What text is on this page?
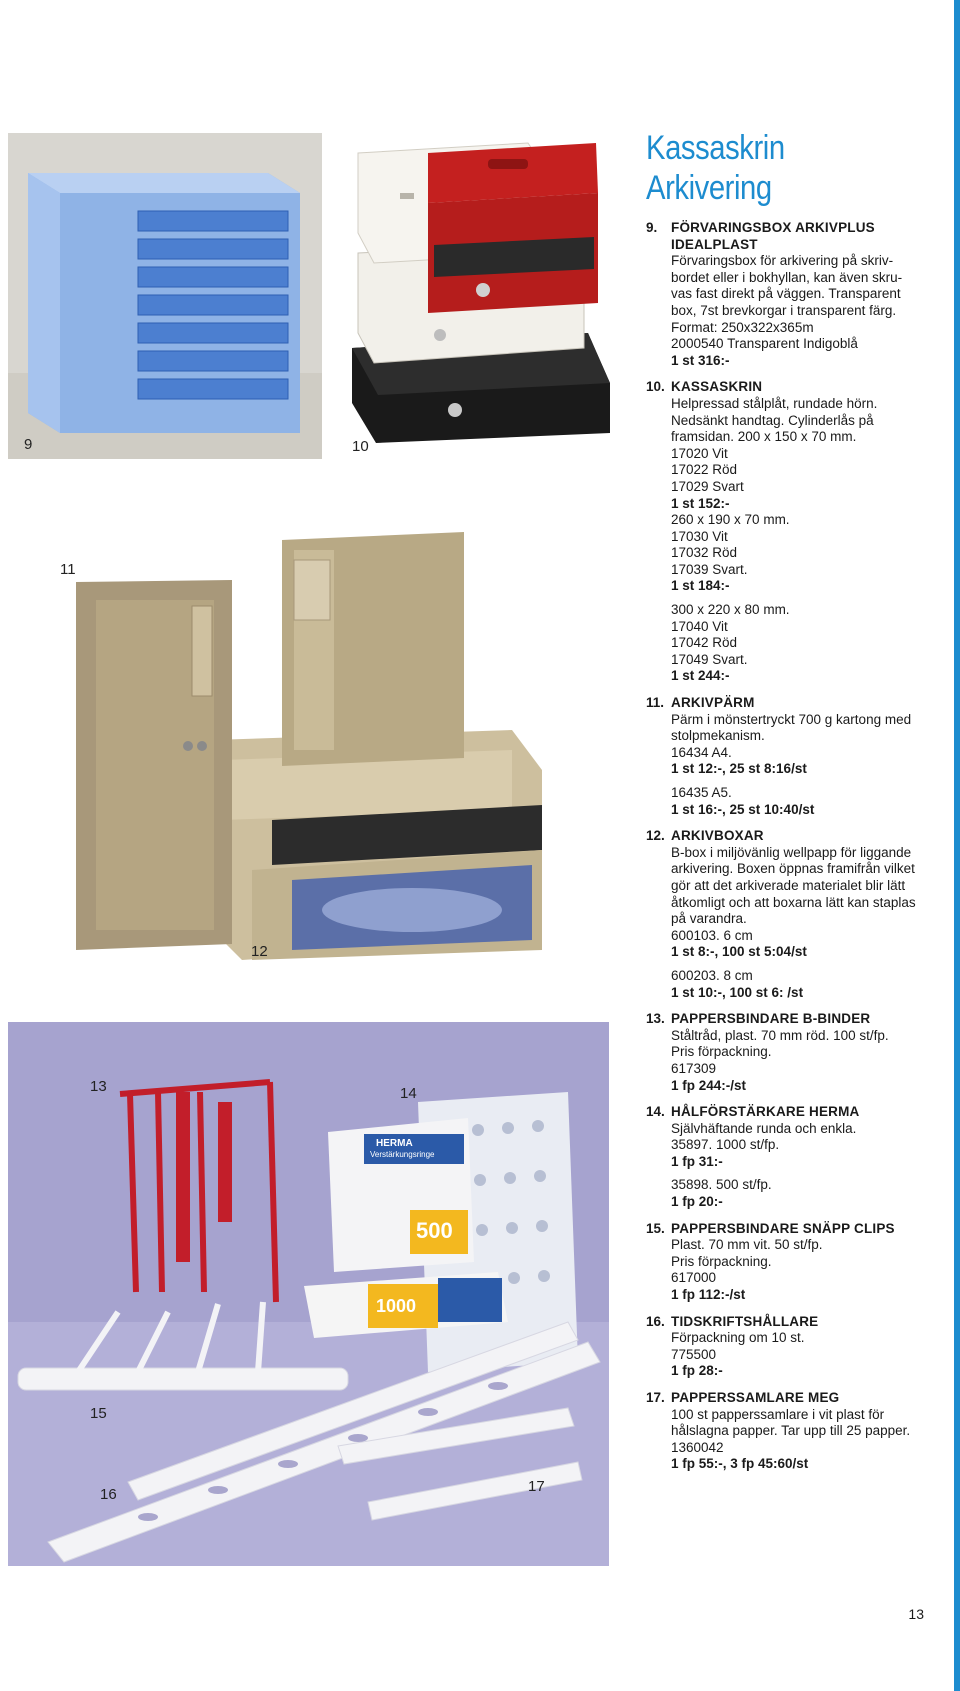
9	10
11
12
HERMA
Verstärkungsringe
500
1000
13	14
15
16	17
Kassaskrin
Arkivering
9.	FÖRVARINGSBOX ARKIVPLUS IDEALPLAST
Förvaringsbox för arkivering på skriv-
bordet eller i bokhyllan, kan även skru-
vas fast direkt på väggen. Transparent
box, 7st brevkorgar i transparent färg.
Format: 250x322x365m
2000540 Transparent Indigoblå
1 st 316:-
10. KASSASKRIN
Helpressad stålplåt, rundade hörn.
Nedsänkt handtag. Cylinderlås på
framsidan. 200 x 150 x 70 mm.
17020 Vit
17022 Röd
17029 Svart
1 st 152:-
260 x 190 x 70 mm.
17030 Vit
17032 Röd
17039 Svart.
1 st 184:-
300 x 220 x 80 mm.
17040 Vit
17042 Röd
17049 Svart.
1 st 244:-
11. ARKIVPÄRM
Pärm i mönstertryckt 700 g kartong med
stolpmekanism.
16434 A4.
1 st 12:-, 25 st 8:16/st
16435 A5.
1 st 16:-, 25 st 10:40/st
12. ARKIVBOXAR
B-box i miljövänlig wellpapp för liggande
arkivering. Boxen öppnas framifrån vilket
gör att det arkiverade materialet blir lätt
åtkomligt och att boxarna lätt kan staplas
på varandra.
600103. 6 cm
1 st 8:-, 100 st 5:04/st
600203. 8 cm
1 st 10:-, 100 st 6: /st
13. PAPPERSBINDARE B-BINDER
Ståltråd, plast. 70 mm röd. 100 st/fp.
Pris förpackning.
617309
1 fp 244:-/st
14. HÅLFÖRSTÄRKARE HERMA
Självhäftande runda och enkla.
35897. 1000 st/fp.
1 fp 31:-
35898. 500 st/fp.
1 fp 20:-
15. PAPPERSBINDARE SNÄPP CLIPS
Plast. 70 mm vit. 50 st/fp.
Pris förpackning.
617000
1 fp 112:-/st
16. TIDSKRIFTSHÅLLARE
Förpackning om 10 st.
775500
1 fp 28:-
17. PAPPERSSAMLARE MEG
100 st papperssamlare i vit plast för
hålslagna papper. Tar upp till 25 papper.
1360042
1 fp 55:-, 3 fp 45:60/st
13
